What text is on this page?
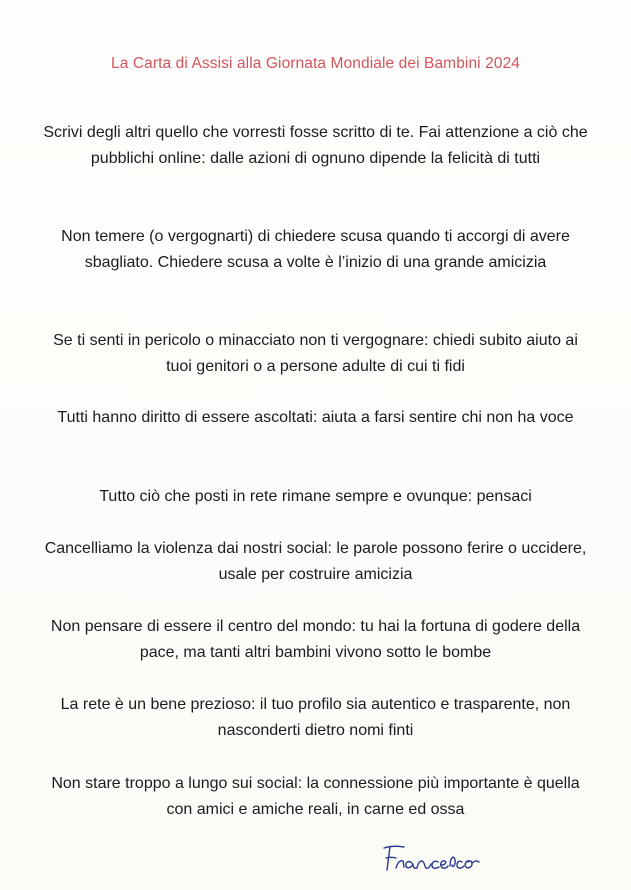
La Carta di Assisi alla Giornata Mondiale dei Bambini 2024

Scrivi degli altri quello che vorresti fosse scritto di te. Fai attenzione a ciò che pubblichi online: dalle azioni di ognuno dipende la felicità di tutti

Non temere (o vergognarti) di chiedere scusa quando ti accorgi di avere sbagliato. Chiedere scusa a volte è l’inizio di una grande amicizia

Se ti senti in pericolo o minacciato non ti vergognare: chiedi subito aiuto ai tuoi genitori o a persone adulte di cui ti fidi

Tutti hanno diritto di essere ascoltati: aiuta a farsi sentire chi non ha voce

Tutto ciò che posti in rete rimane sempre e ovunque: pensaci

Cancelliamo la violenza dai nostri social: le parole possono ferire o uccidere, usale per costruire amicizia

Non pensare di essere il centro del mondo: tu hai la fortuna di godere della pace, ma tanti altri bambini vivono sotto le bombe

La rete è un bene prezioso: il tuo profilo sia autentico e trasparente, non nasconderti dietro nomi finti

Non stare troppo a lungo sui social: la connessione più importante è quella con amici e amiche reali, in carne ed ossa
